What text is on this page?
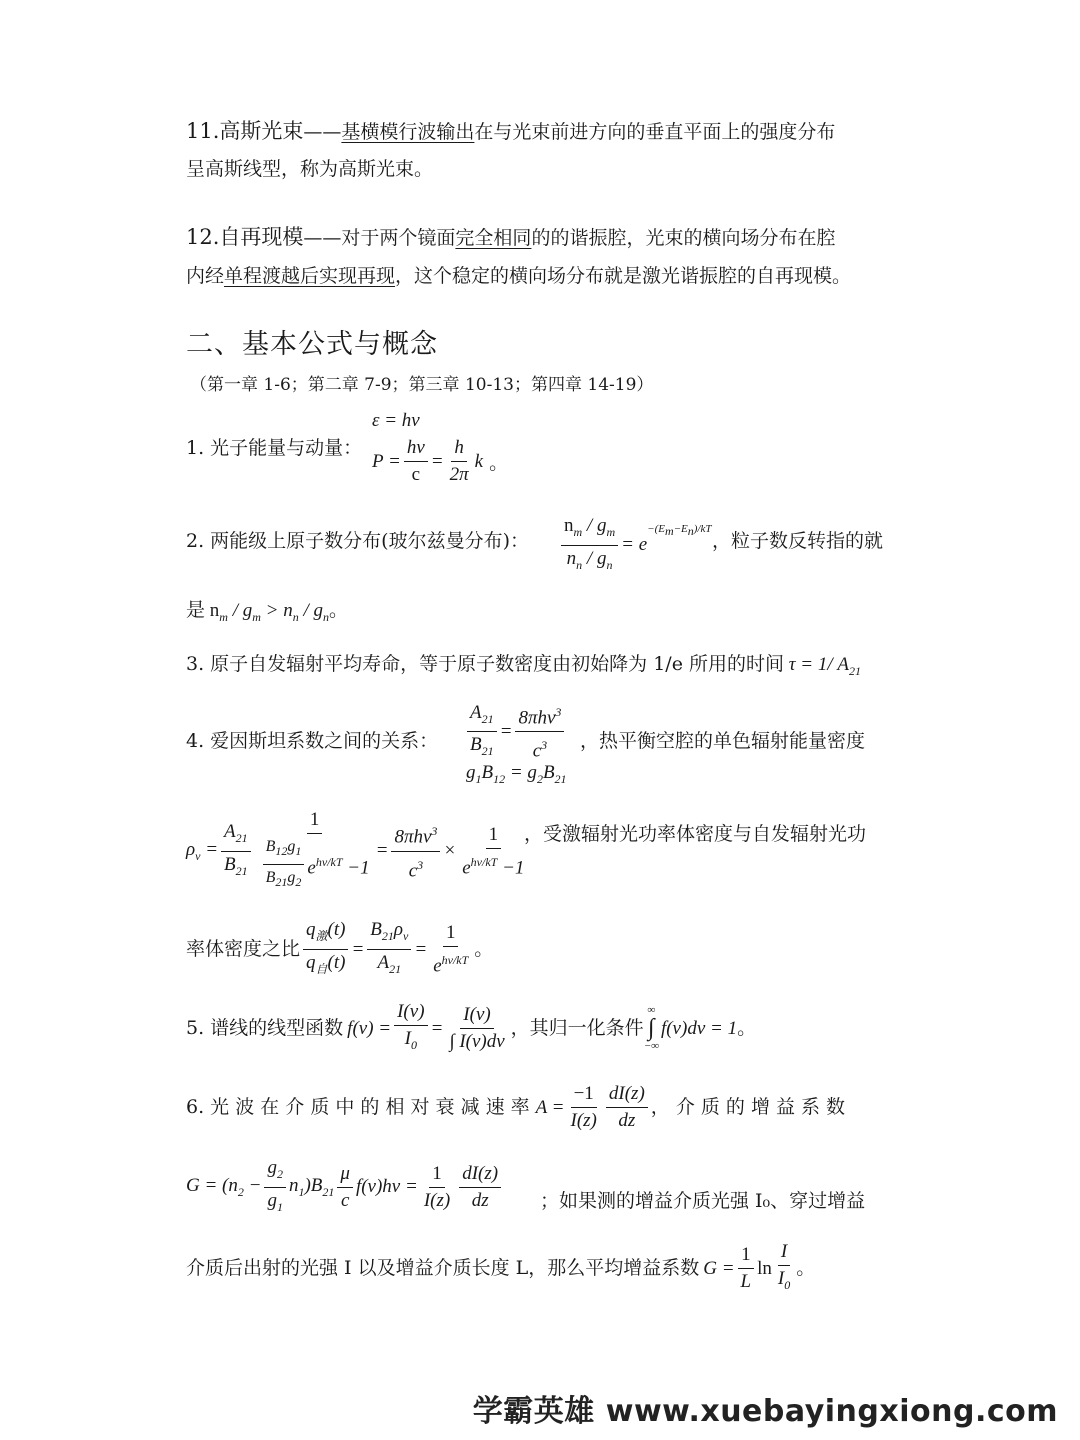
11.高斯光束——基横模行波输出在与光束前进方向的垂直平面上的强度分布
呈高斯线型，称为高斯光束。
12.自再现模——对于两个镜面完全相同的的谐振腔，光束的横向场分布在腔
内经单程渡越后实现再现，这个稳定的横向场分布就是激光谐振腔的自再现模。
二、基本公式与概念
（第一章 1-6；第二章 7-9；第三章 10-13；第四章 14-19）
1. 光子能量与动量：
ε = hν
$P = \frac{h\nu}{c} = \frac{h}{2\pi}$ k 。
2. 两能级上原子数分布(玻尔兹曼分布)： $\frac{n_m / g_m}{n_n / g_n} = e$
$^{-(E_m-E_n)/kT}$
，粒子数反转指的就
是 $n_m / g_m > n_n / g_n$。
3. 原子自发辐射平均寿命，等于原子数密度由初始降为 1/e 所用的时间 τ = 1/ $A_{21}$
4. 爱因斯坦系数之间的关系： $\frac{A_{21}}{B_{21}}$ =
8πhν$^3$
$c^3$
$g_1B_{12} = g_2B_{21}$
，热平衡空腔的单色辐射能量密度
$\rho_\nu = \frac{A_{21}}{B_{21}}$
1
$B_{12}g_1$
$B_{21}g_2$
$e^{h\nu/kT} -1$
=
8πhν$^3$
$c^3$
×
1
$e^{h\nu/kT} -1$
，受激辐射光功率体密度与自发辐射光功
率体密度之比
$q_激(t)$
$q_自(t)$
= $\frac{B_{21}\rho_\nu}{A_{21}}$ =
1
$e^{h\nu/kT}$ 。
5. 谱线的线型函数 $f(\nu) = \frac{I(\nu)}{I_0} = \frac{I(\nu)}{\int I(\nu)d\nu}$ ，其归一化条件
∞
∫
−∞
f(ν)dν = 1 。
6. 光 波 在 介 质 中 的 相 对 衰 减 速 率 $A = \frac{-1}{I(z)} dI(z)$
dz
， 介 质 的 增 益 系 数
$G = (n_2 - \frac{g_2}{g_1} n_1)B_{21}$
μ
c
$f(\nu)h\nu = \frac{1}{I(z)} dI(z)$
dz	；如果测的增益介质光强 I₀、穿过增益
介质后出射的光强 I 以及增益介质长度 L，那么平均增益系数 $G = \frac{1}{L}$ ln
I
$I_0$
。
学霸英雄 www.xuebayingxiong.com
